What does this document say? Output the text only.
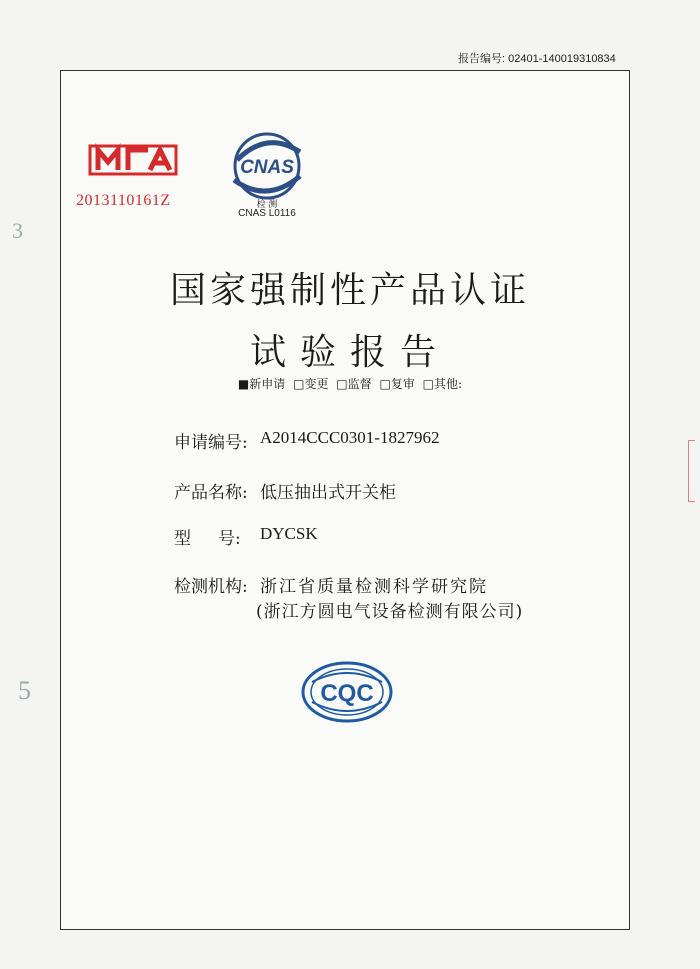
报告编号: 02401-140019310834
2013110161Z
CNAS
检 测
CNAS L0116
国家强制性产品认证
试验报告
■新申请 □变更 □监督 □复审 □其他:
申请编号: A2014CCC0301-1827962
产品名称: 低压抽出式开关柜
型     号: DYCSK
检测机构: 浙江省质量检测科学研究院
(浙江方圆电气设备检测有限公司)
CQC
3
5
